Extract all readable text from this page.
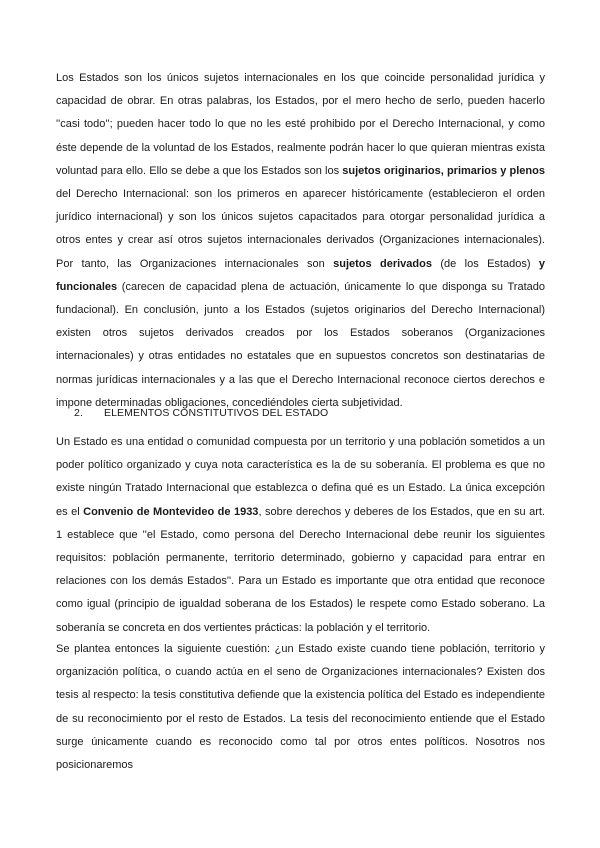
Los Estados son los únicos sujetos internacionales en los que coincide personalidad jurídica y capacidad de obrar. En otras palabras, los Estados, por el mero hecho de serlo, pueden hacerlo ''casi todo''; pueden hacer todo lo que no les esté prohibido por el Derecho Internacional, y como éste depende de la voluntad de los Estados, realmente podrán hacer lo que quieran mientras exista voluntad para ello. Ello se debe a que los Estados son los sujetos originarios, primarios y plenos del Derecho Internacional: son los primeros en aparecer históricamente (establecieron el orden jurídico internacional) y son los únicos sujetos capacitados para otorgar personalidad jurídica a otros entes y crear así otros sujetos internacionales derivados (Organizaciones internacionales). Por tanto, las Organizaciones internacionales son sujetos derivados (de los Estados) y funcionales (carecen de capacidad plena de actuación, únicamente lo que disponga su Tratado fundacional). En conclusión, junto a los Estados (sujetos originarios del Derecho Internacional) existen otros sujetos derivados creados por los Estados soberanos (Organizaciones internacionales) y otras entidades no estatales que en supuestos concretos son destinatarias de normas jurídicas internacionales y a las que el Derecho Internacional reconoce ciertos derechos e impone determinadas obligaciones, concediéndoles cierta subjetividad.
2. ELEMENTOS CONSTITUTIVOS DEL ESTADO
Un Estado es una entidad o comunidad compuesta por un territorio y una población sometidos a un poder político organizado y cuya nota característica es la de su soberanía. El problema es que no existe ningún Tratado Internacional que establezca o defina qué es un Estado. La única excepción es el Convenio de Montevideo de 1933, sobre derechos y deberes de los Estados, que en su art. 1 establece que ''el Estado, como persona del Derecho Internacional debe reunir los siguientes requisitos: población permanente, territorio determinado, gobierno y capacidad para entrar en relaciones con los demás Estados''. Para un Estado es importante que otra entidad que reconoce como igual (principio de igualdad soberana de los Estados) le respete como Estado soberano. La soberanía se concreta en dos vertientes prácticas: la población y el territorio.
Se plantea entonces la siguiente cuestión: ¿un Estado existe cuando tiene población, territorio y organización política, o cuando actúa en el seno de Organizaciones internacionales? Existen dos tesis al respecto: la tesis constitutiva defiende que la existencia política del Estado es independiente de su reconocimiento por el resto de Estados. La tesis del reconocimiento entiende que el Estado surge únicamente cuando es reconocido como tal por otros entes políticos. Nosotros nos posicionaremos
